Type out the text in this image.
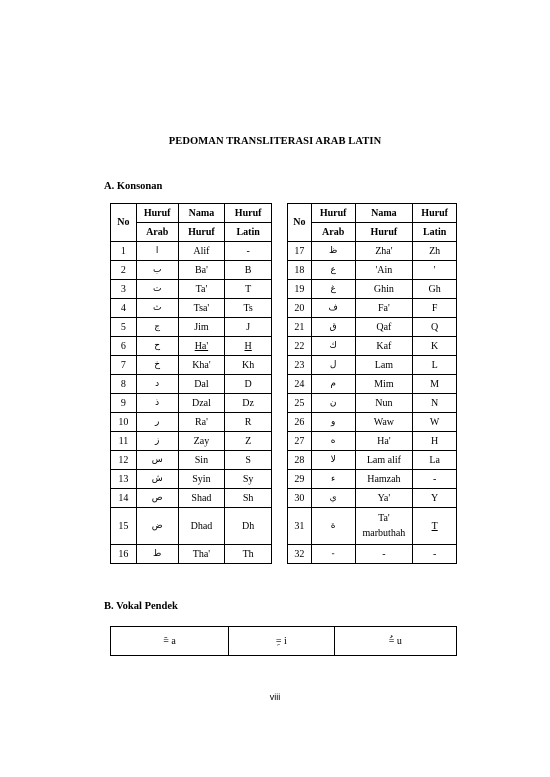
PEDOMAN TRANSLITERASI ARAB LATIN
A. Konsonan
No	Huruf	Nama	Huruf
	Arab	Huruf	Latin
1	ا	Alif	-
2	ب	Ba'	B
3	ت	Ta'	T
4	ث	Tsa'	Ts
5	ج	Jim	J
6	ح	Ha'	H
7	خ	Kha'	Kh
8	د	Dal	D
9	ذ	Dzal	Dz
10	ر	Ra'	R
11	ز	Zay	Z
12	س	Sin	S
13	ش	Syin	Sy
14	ص	Shad	Sh
15	ض	Dhad	Dh
16	ط	Tha'	Th
No	Huruf	Nama	Huruf
	Arab	Huruf	Latin
17	ظ	Zha'	Zh
18	ع	'Ain	'
19	غ	Ghin	Gh
20	ف	Fa'	F
21	ق	Qaf	Q
22	ك	Kaf	K
23	ل	Lam	L
24	م	Mim	M
25	ن	Nun	N
26	و	Waw	W
27	ه	Ha'	H
28	لا	Lam alif	La
29	ء	Hamzah	-
30	ي	Ya'	Y
31	ة	Ta' marbuthah	T
32	-	-	-
B. Vokal Pendek
َ= a	ِ= i	ُ= u
viii
